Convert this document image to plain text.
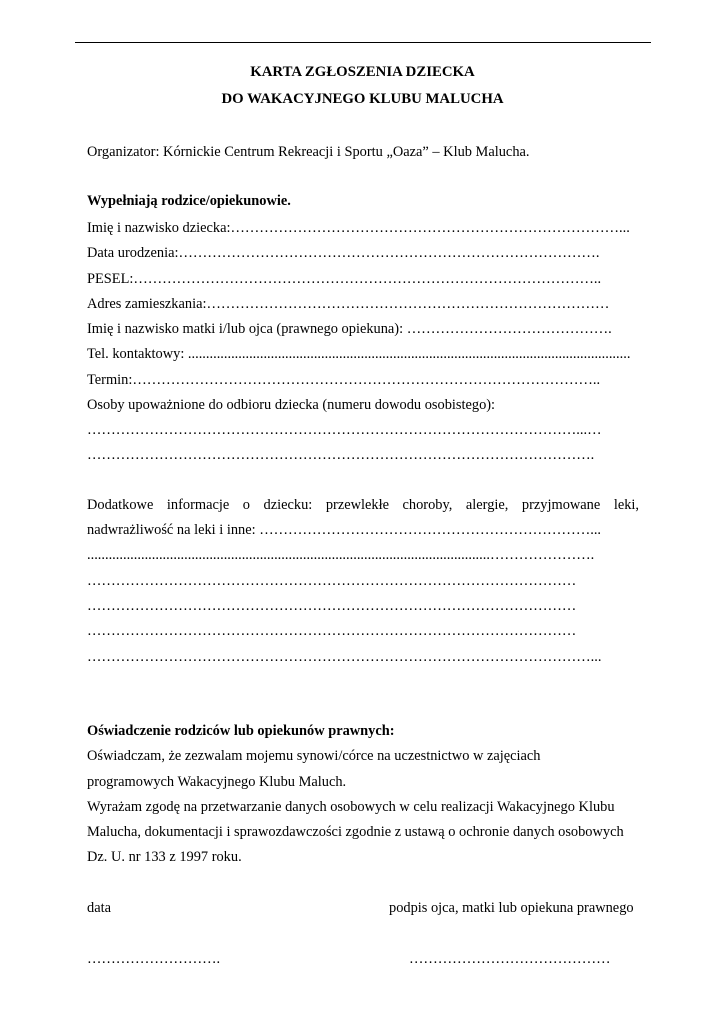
KARTA ZGŁOSZENIA DZIECKA
DO WAKACYJNEGO KLUBU MALUCHA
Organizator: Kórnickie Centrum Rekreacji i Sportu „Oaza” – Klub Malucha.
Wypełniają rodzice/opiekunowie.
Imię i nazwisko dziecka:………………………………………………………………………...
Data urodzenia:…………………………………………………………………………….
PESEL:……………………………………………………………………………………..
Adres zamieszkania:…………………………………………………………………………
Imię i nazwisko matki i/lub ojca (prawnego opiekuna): …………………………………….
Tel. kontaktowy: ...........................................................................................................................
Termin:……………………………………………………………………………………..
Osoby upoważnione do odbioru dziecka (numeru dowodu osobistego):
…………………………………………………………………………………………...…
…………………………………………………………………………………………….
Dodatkowe informacje o dziecku: przewlekłe choroby, alergie, przyjmowane leki,
nadwrażliwość na leki i inne: ……………………………………………………………...
................................................................................................................………………….
…………………………………………………………………………………………
…………………………………………………………………………………………
…………………………………………………………………………………………
……………………………………………………………………………………………...
Oświadczenie rodziców lub opiekunów prawnych:
Oświadczam, że zezwalam mojemu synowi/córce na uczestnictwo w zajęciach
programowych Wakacyjnego Klubu Maluch.
Wyrażam zgodę na przetwarzanie danych osobowych w celu realizacji Wakacyjnego Klubu
Malucha, dokumentacji i sprawozdawczości zgodnie z ustawą o ochronie danych osobowych
Dz. U. nr 133 z 1997 roku.
data	podpis ojca, matki lub opiekuna prawnego
……………………….	……………………………………
